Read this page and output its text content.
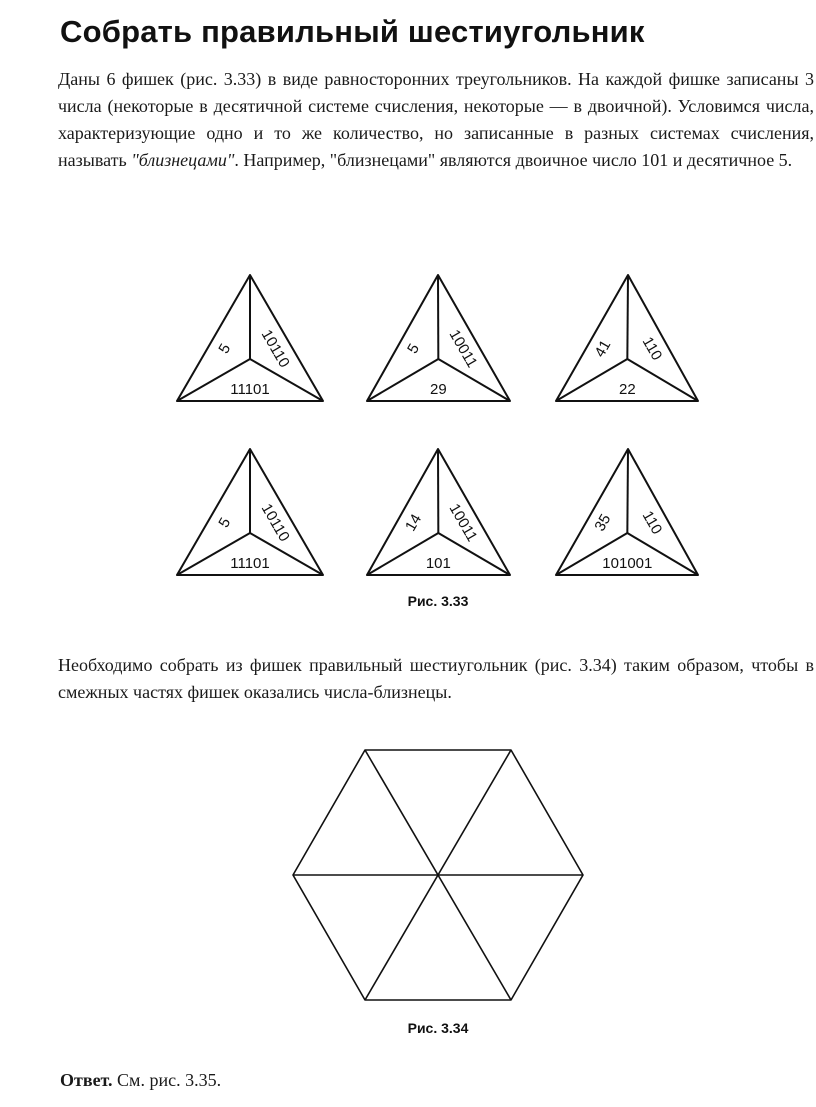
Собрать правильный шестиугольник
Даны 6 фишек (рис. 3.33) в виде равносторонних треугольников. На каждой фишке записаны 3 числа (некоторые в десятичной системе счисления, некоторые — в двоичной). Условимся числа, характеризующие одно и то же количество, но записанные в разных системах счисления, называть "близнецами". Например, "близнецами" являются двоичное число 101 и десятичное 5.
11101
5 10110
29
5 10011
22
41 110
11101
5 10110
101
14 10011
101001
35 110
Рис. 3.33
Необходимо собрать из фишек правильный шестиугольник (рис. 3.34) таким образом, чтобы в смежных частях фишек оказались числа-близнецы.
Рис. 3.34
Ответ. См. рис. 3.35.
